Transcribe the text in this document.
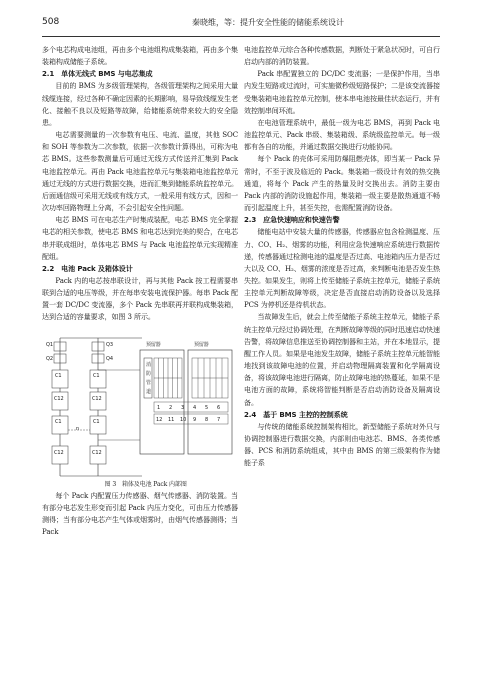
508	秦晓维，等：提升安全性能的储能系统设计

多个电芯构成电池组，再由多个电池组构成集装箱，再由多个集装箱构成储能子系统。

2.1　单体无线式 BMS 与电芯集成

目前的 BMS 为多级管理架构，各级管理架构之间采用大量线缆连接，经过各种不确定因素的长期影响，易导致线缆发生老化、接触不良以及短路等故障，给储能系统带来较大的安全隐患。

电芯需要测量的一次参数有电压、电流、温度，其他 SOC 和 SOH 等参数为二次参数，依据一次参数计算得出，可称为电芯 BMS。这些参数测量后可通过无线方式传送并汇集到 Pack 电池监控单元。再由 Pack 电池监控单元与集装箱电池监控单元通过无线的方式进行数据交换，进而汇集到储能系统监控单元。后面通信级可采用无线或有线方式，一般采用有线方式，因和一次功率回路物理上分离，不会引起安全性问题。

电芯 BMS 可在电芯生产时集成装配，电芯 BMS 完全掌握电芯的相关参数，使电芯 BMS 和电芯达到完美的契合，在电芯串并联成组时，单体电芯 BMS 与 Pack 电池监控单元实现精准配组。

2.2　电池 Pack 及箱体设计

Pack 内的电芯按串联设计，再与其他 Pack 按工程需要串联到合适的电压等级，并在每串安装电流保护器。每串 Pack 配置一套 DC/DC 变流器，多个 Pack 先串联再并联构成集装箱，达到合适的容量要求，如图 3 所示。

Q1
Q2
Q3
Q4
C1
C12
C1
C12
C1
C12
C1
C12
n
预留器	预留器
消
防
管
道
1 2 3 4 5 6
12 11 10 9 8 7

图 3　箱体及电池 Pack 内部图

每个 Pack 内配置压力传感器、烟气传感器、消防装置。当有部分电芯发生形变而引起 Pack 内压力变化，可由压力传感器测得；当有部分电芯产生气体或烟雾时，由烟气传感器测得；当 Pack

电池监控单元综合各种传感数据，判断处于紧急状况时，可自行启动内部的消防装置。

Pack 串配置独立的 DC/DC 变流器；一是保护作用，当串内发生短路或过流时，可实施微秒级短路保护；二是该变流器接受集装箱电池监控单元控制，使本串电池按最佳状态运行，并有效控制串间环流。

在电池管理系统中，最低一级为电芯 BMS，再到 Pack 电池监控单元、Pack 串级、集装箱级、系统级监控单元。每一级都有各自的功能，并通过数据交换进行功能协同。

每个 Pack 的壳体可采用防爆阻燃壳体，即当某一 Pack 异常时，不至于波及临近的 Pack。集装箱一级设计有效的热交换通道，将每个 Pack 产生的热量及时交换出去。消防主要由 Pack 内部的消防设施起作用，集装箱一级主要是散热通道不畅而引起温度上升，甚至失控，也需配置消防设备。

2.3　应急快速响应和快速告警

储能电站中安装大量的传感器，传感器应包含检测温度、压力、CO、H₂、烟雾的功能，利用应急快速响应系统进行数据传递，传感器通过检测电池的温度是否过高、电池箱内压力是否过大以及 CO、H₂、烟雾的浓度是否过高，来判断电池是否发生热失控。如果发生，则将上传至储能子系统主控单元，储能子系统主控单元判断故障等级，决定是否直接启动消防设备以及选择 PCS 为停机还是待机状态。

当故障发生后，就会上传至储能子系统主控单元，储能子系统主控单元经过协调处理，在判断故障等级的同时迅速启动快速告警，将故障信息推送至协调控制器和主站，并在本地显示，提醒工作人员。如果是电池发生故障，储能子系统主控单元能智能地找到该故障电池的位置，并启动物理隔离装置和化学隔离设备，将该故障电池进行隔离，防止故障电池的热蔓延，如果不是电池方面的故障，系统将智能判断是否启动消防设备及隔离设备。

2.4　基于 BMS 主控的控制系统

与传统的储能系统控制架构相比，新型储能子系统对外只与协调控制器进行数据交换，内部则由电池芯、BMS、各类传感器、PCS 和消防系统组成，其中由 BMS 的第三级架构作为储能子系
